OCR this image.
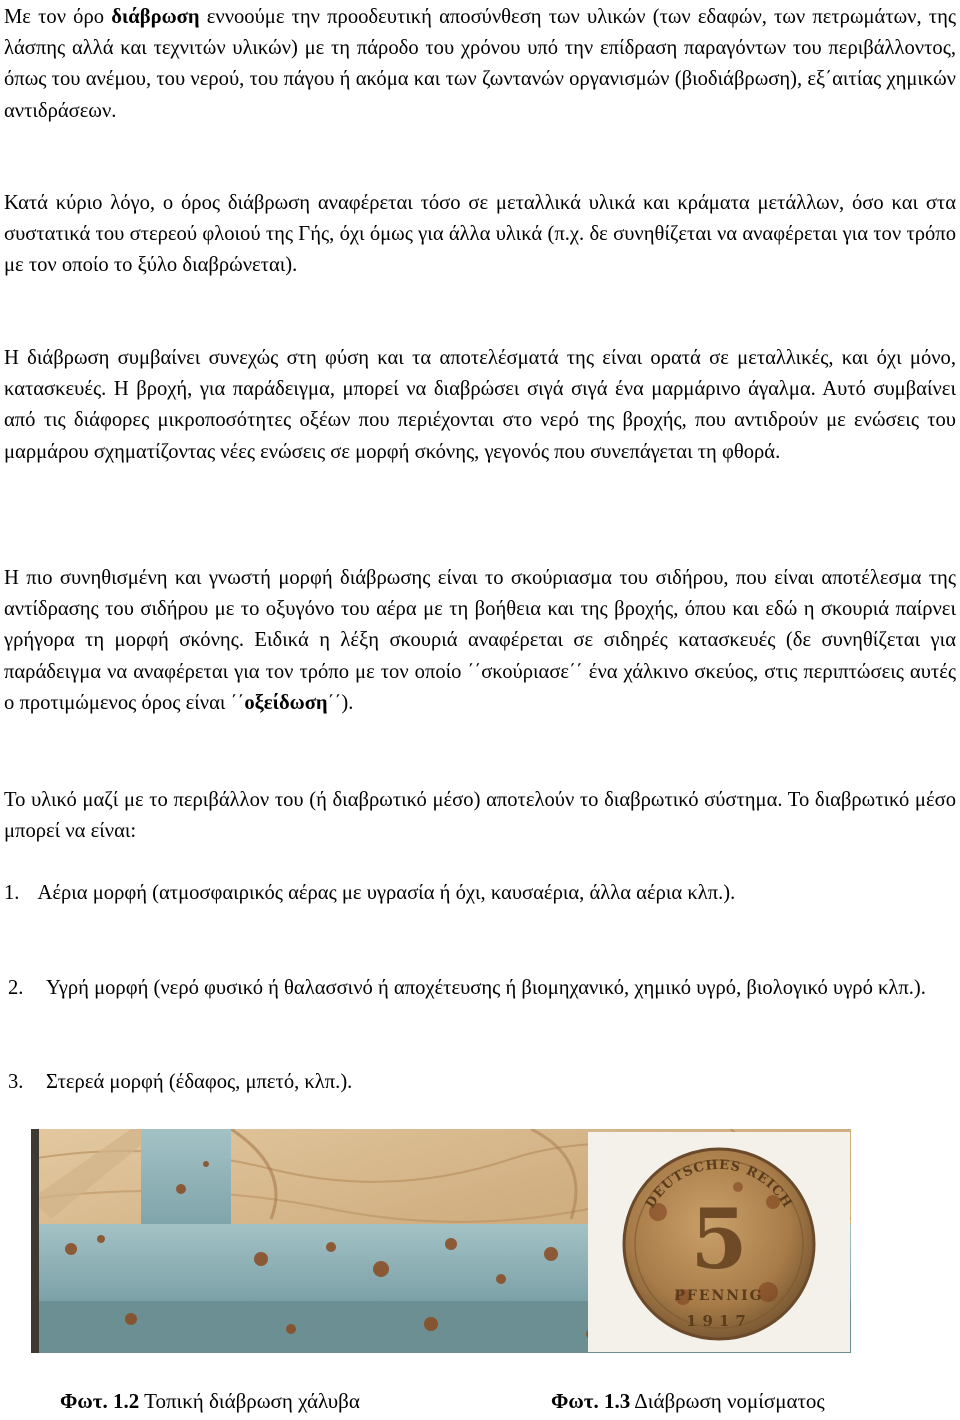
Με τον όρο διάβρωση εννοούμε την προοδευτική αποσύνθεση των υλικών (των εδαφών, των πετρωμάτων, της λάσπης αλλά και τεχνιτών υλικών) με τη πάροδο του χρόνου υπό την επίδραση παραγόντων του περιβάλλοντος, όπως του ανέμου, του νερού, του πάγου ή ακόμα και των ζωντανών οργανισμών (βιοδιάβρωση), εξ΄αιτίας χημικών αντιδράσεων.

Κατά κύριο λόγο, ο όρος διάβρωση αναφέρεται τόσο σε μεταλλικά υλικά και κράματα μετάλλων, όσο και στα συστατικά του στερεού φλοιού της Γής, όχι όμως για άλλα υλικά (π.χ. δε συνηθίζεται να αναφέρεται για τον τρόπο με τον οποίο το ξύλο διαβρώνεται).

Η διάβρωση συμβαίνει συνεχώς στη φύση και τα αποτελέσματά της είναι ορατά σε μεταλλικές, και όχι μόνο, κατασκευές. Η βροχή, για παράδειγμα, μπορεί να διαβρώσει σιγά σιγά ένα μαρμάρινο άγαλμα. Αυτό συμβαίνει από τις διάφορες μικροποσότητες οξέων που περιέχονται στο νερό της βροχής, που αντιδρούν με ενώσεις του μαρμάρου σχηματίζοντας νέες ενώσεις σε μορφή σκόνης, γεγονός που συνεπάγεται τη φθορά.

Η πιο συνηθισμένη και γνωστή μορφή διάβρωσης είναι το σκούριασμα του σιδήρου, που είναι αποτέλεσμα της αντίδρασης του σιδήρου με το οξυγόνο του αέρα με τη βοήθεια και της βροχής, όπου και εδώ η σκουριά παίρνει γρήγορα τη μορφή σκόνης. Ειδικά η λέξη σκουριά αναφέρεται σε σιδηρές κατασκευές (δε συνηθίζεται για παράδειγμα να αναφέρεται για τον τρόπο με τον οποίο ΄΄σκούριασε΄΄ ένα χάλκινο σκεύος, στις περιπτώσεις αυτές ο προτιμώμενος όρος είναι ΄΄οξείδωση΄΄).

Το υλικό μαζί με το περιβάλλον του (ή διαβρωτικό μέσο) αποτελούν το διαβρωτικό σύστημα. Το διαβρωτικό μέσο μπορεί να είναι:

1. Αέρια μορφή (ατμοσφαιρικός αέρας με υγρασία ή όχι, καυσαέρια, άλλα αέρια κλπ.).
2. Υγρή μορφή (νερό φυσικό ή θαλασσινό ή αποχέτευσης ή βιομηχανικό, χημικό υγρό, βιολογικό υγρό κλπ.).
3. Στερεά μορφή (έδαφος, μπετό, κλπ.).
DEUTSCHES REICH
5
PFENNIG
1917
Φωτ. 1.2 Τοπική διάβρωση χάλυβα	Φωτ. 1.3 Διάβρωση νομίσματος
